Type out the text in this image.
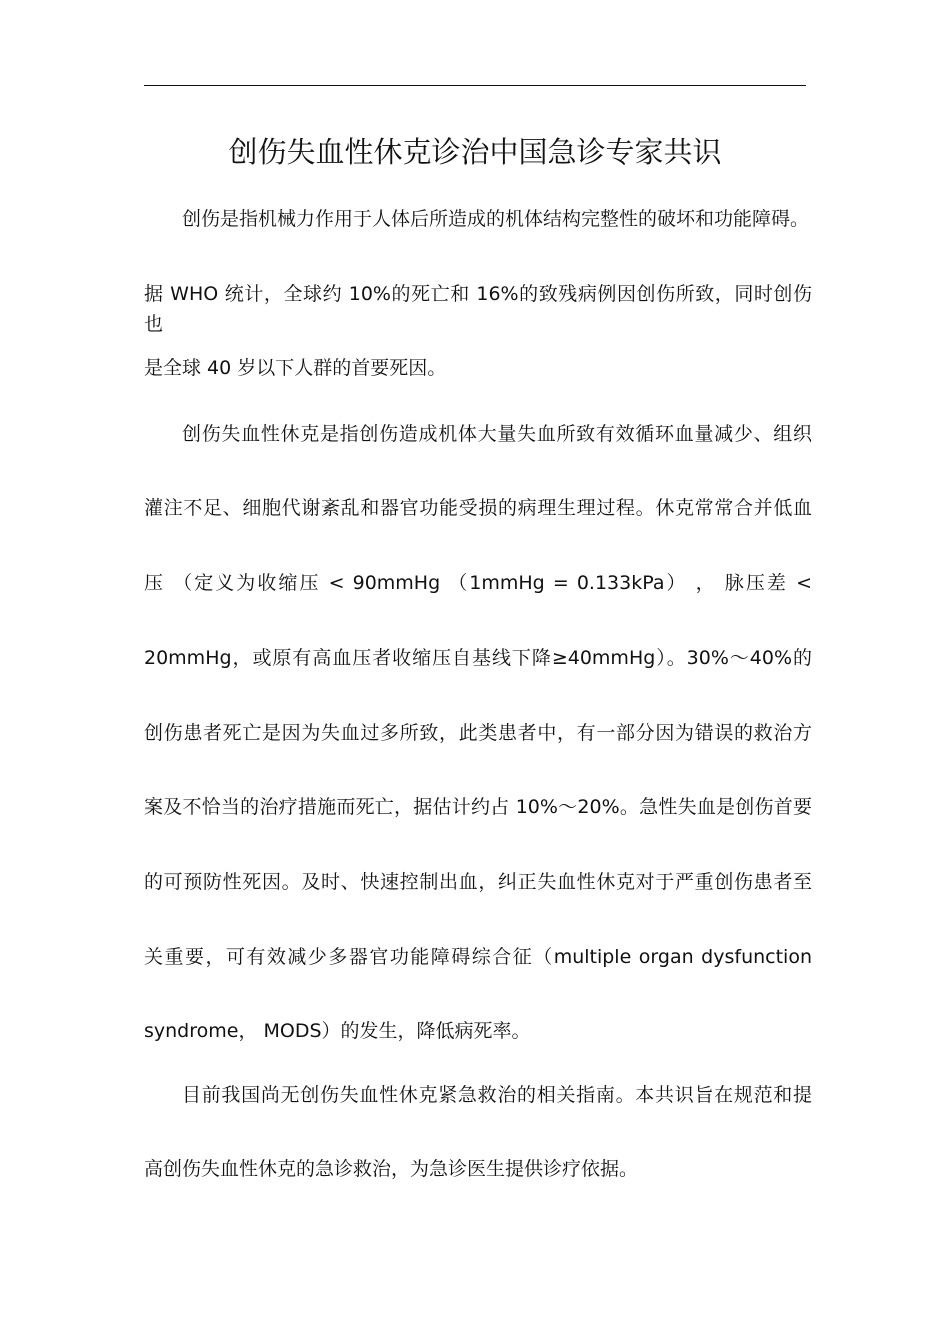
创伤失血性休克诊治中国急诊专家共识
创伤是指机械力作用于人体后所造成的机体结构完整性的破坏和功能障碍。
据 WHO 统计，全球约 10%的死亡和 16%的致残病例因创伤所致，同时创伤也
是全球 40 岁以下人群的首要死因。
创伤失血性休克是指创伤造成机体大量失血所致有效循环血量减少、组织
灌注不足、细胞代谢紊乱和器官功能受损的病理生理过程。休克常常合并低血
压 （定义为收缩压 < 90mmHg （1mmHg = 0.133kPa） ， 脉压差 <
20mmHg，或原有高血压者收缩压自基线下降≥40mmHg）。30%～40%的
创伤患者死亡是因为失血过多所致，此类患者中，有一部分因为错误的救治方
案及不恰当的治疗措施而死亡，据估计约占 10%～20%。急性失血是创伤首要
的可预防性死因。及时、快速控制出血，纠正失血性休克对于严重创伤患者至
关重要，可有效减少多器官功能障碍综合征（multiple organ dysfunction
syndrome， MODS）的发生，降低病死率。
目前我国尚无创伤失血性休克紧急救治的相关指南。本共识旨在规范和提
高创伤失血性休克的急诊救治，为急诊医生提供诊疗依据。
